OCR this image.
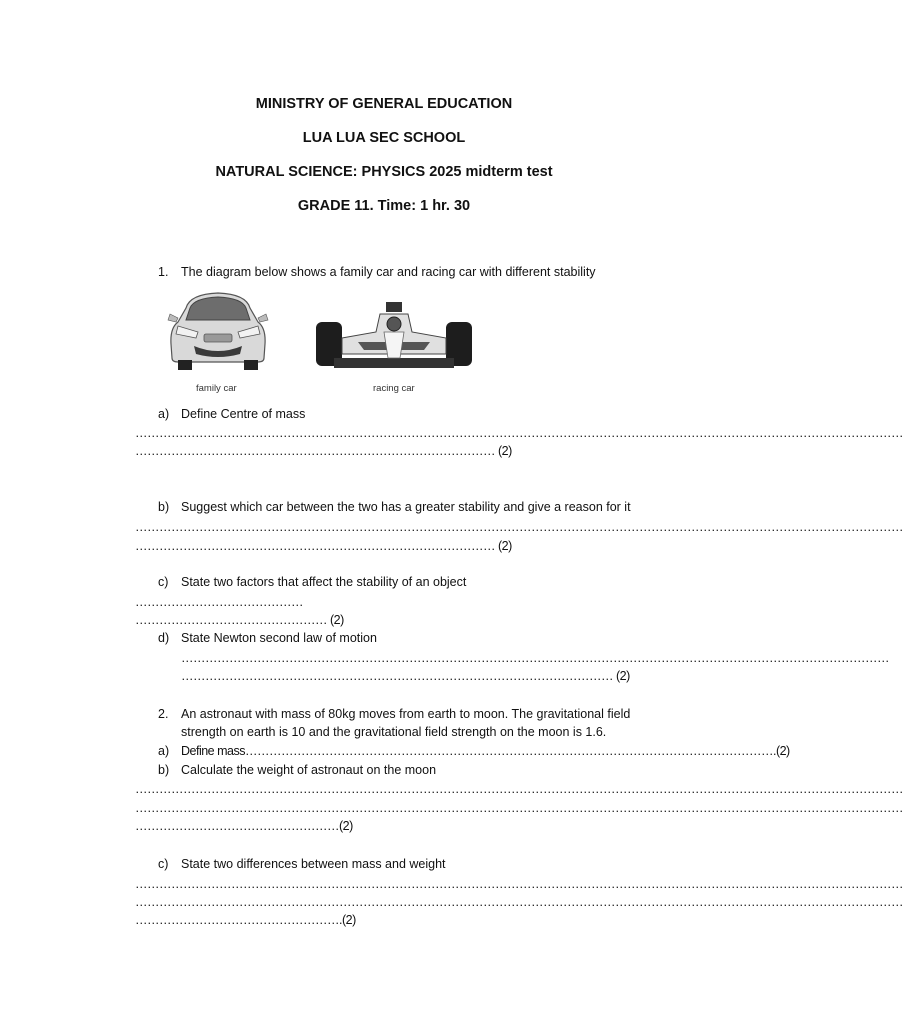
MINISTRY OF GENERAL EDUCATION
LUA LUA SEC SCHOOL
NATURAL SCIENCE: PHYSICS 2025 midterm test
GRADE 11. Time: 1 hr. 30
1. The diagram below shows a family car and racing car with different stability
family car	racing car
a) Define Centre of mass
…………………………………………………………………………………………………………………………………………………………………………
……………………………………………………………………………… (2)
b) Suggest which car between the two has a greater stability and give a reason for it
…………………………………………………………………………………………………………………………………………………………………………
……………………………………………………………………………… (2)
c) State two factors that affect the stability of an object
……………………………………
………………………………………… (2)
d) State Newton second law of motion
……………………………………………………………………………………………………………………………………………………………
……………………………………………………………………………………………… (2)
2. An astronaut with mass of 80kg moves from earth to moon. The gravitational field
strength on earth is 10 and the gravitational field strength on the moon is 1.6.
a) Define mass…………………………………………………………………………………………………………………….(2)
b) Calculate the weight of astronaut on the moon
…………………………………………………………………………………………………………………………………………………………………………
…………………………………………………………………………………………………………………………………………………………………………
……………………………………………(2)
c) State two differences between mass and weight
…………………………………………………………………………………………………………………………………………………………………………
…………………………………………………………………………………………………………………………………………………………………………
…………………………………………….(2)
